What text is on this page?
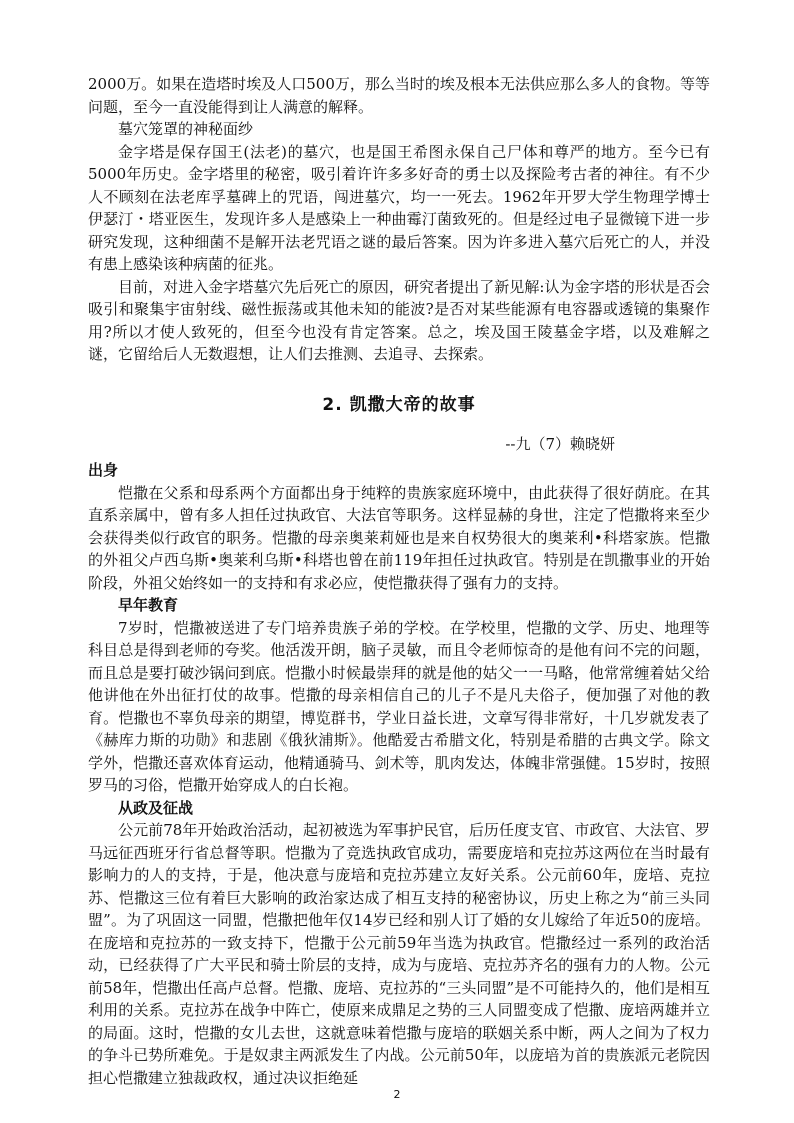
2000万。如果在造塔时埃及人口500万，那么当时的埃及根本无法供应那么多人的食物。等等问题，至今一直没能得到让人满意的解释。

墓穴笼罩的神秘面纱

金字塔是保存国王(法老)的墓穴，也是国王希图永保自己尸体和尊严的地方。至今已有5000年历史。金字塔里的秘密，吸引着许许多多好奇的勇士以及探险考古者的神往。有不少人不顾刻在法老库孚墓碑上的咒语，闯进墓穴，均一一死去。1962年开罗大学生物理学博士伊瑟汀・塔亚医生，发现许多人是感染上一种曲霉汀菌致死的。但是经过电子显微镜下进一步研究发现，这种细菌不是解开法老咒语之谜的最后答案。因为许多进入墓穴后死亡的人，并没有患上感染该种病菌的征兆。

目前，对进入金字塔墓穴先后死亡的原因，研究者提出了新见解:认为金字塔的形状是否会吸引和聚集宇宙射线、磁性振荡或其他未知的能波?是否对某些能源有电容器或透镜的集聚作用?所以才使人致死的，但至今也没有肯定答案。总之，埃及国王陵墓金字塔，以及难解之谜，它留给后人无数遐想，让人们去推测、去追寻、去探索。

2. 凯撒大帝的故事
--九（7）赖晓妍

出身

恺撒在父系和母系两个方面都出身于纯粹的贵族家庭环境中，由此获得了很好荫庇。在其直系亲属中，曾有多人担任过执政官、大法官等职务。这样显赫的身世，注定了恺撒将来至少会获得类似行政官的职务。恺撒的母亲奥莱莉娅也是来自权势很大的奥莱利•科塔家族。恺撒的外祖父卢西乌斯•奥莱利乌斯•科塔也曾在前119年担任过执政官。特别是在凯撒事业的开始阶段，外祖父始终如一的支持和有求必应，使恺撒获得了强有力的支持。

早年教育

7岁时，恺撒被送进了专门培养贵族子弟的学校。在学校里，恺撒的文学、历史、地理等科目总是得到老师的夸奖。他活泼开朗，脑子灵敏，而且令老师惊奇的是他有问不完的问题，而且总是要打破沙锅问到底。恺撒小时候最崇拜的就是他的姑父一一马略，他常常缠着姑父给他讲他在外出征打仗的故事。恺撒的母亲相信自己的儿子不是凡夫俗子，便加强了对他的教育。恺撒也不辜负母亲的期望，博览群书，学业日益长进，文章写得非常好，十几岁就发表了《赫库力斯的功勋》和悲剧《俄狄浦斯》。他酷爱古希腊文化，特别是希腊的古典文学。除文学外，恺撒还喜欢体育运动，他精通骑马、剑术等，肌肉发达，体魄非常强健。15岁时，按照罗马的习俗，恺撒开始穿成人的白长袍。

从政及征战

公元前78年开始政治活动，起初被选为军事护民官，后历任度支官、市政官、大法官、罗马远征西班牙行省总督等职。恺撒为了竞选执政官成功，需要庞培和克拉苏这两位在当时最有影响力的人的支持，于是，他决意与庞培和克拉苏建立友好关系。公元前60年，庞培、克拉苏、恺撒这三位有着巨大影响的政治家达成了相互支持的秘密协议，历史上称之为“前三头同盟”。为了巩固这一同盟，恺撒把他年仅14岁已经和别人订了婚的女儿嫁给了年近50的庞培。在庞培和克拉苏的一致支持下，恺撒于公元前59年当选为执政官。恺撒经过一系列的政治活动，已经获得了广大平民和骑士阶层的支持，成为与庞培、克拉苏齐名的强有力的人物。公元前58年，恺撒出任高卢总督。恺撒、庞培、克拉苏的“三头同盟”是不可能持久的，他们是相互利用的关系。克拉苏在战争中阵亡，使原来成鼎足之势的三人同盟变成了恺撒、庞培两雄并立的局面。这时，恺撒的女儿去世，这就意味着恺撒与庞培的联姻关系中断，两人之间为了权力的争斗已势所难免。于是奴隶主两派发生了内战。公元前50年，以庞培为首的贵族派元老院因担心恺撒建立独裁政权，通过决议拒绝延

2
